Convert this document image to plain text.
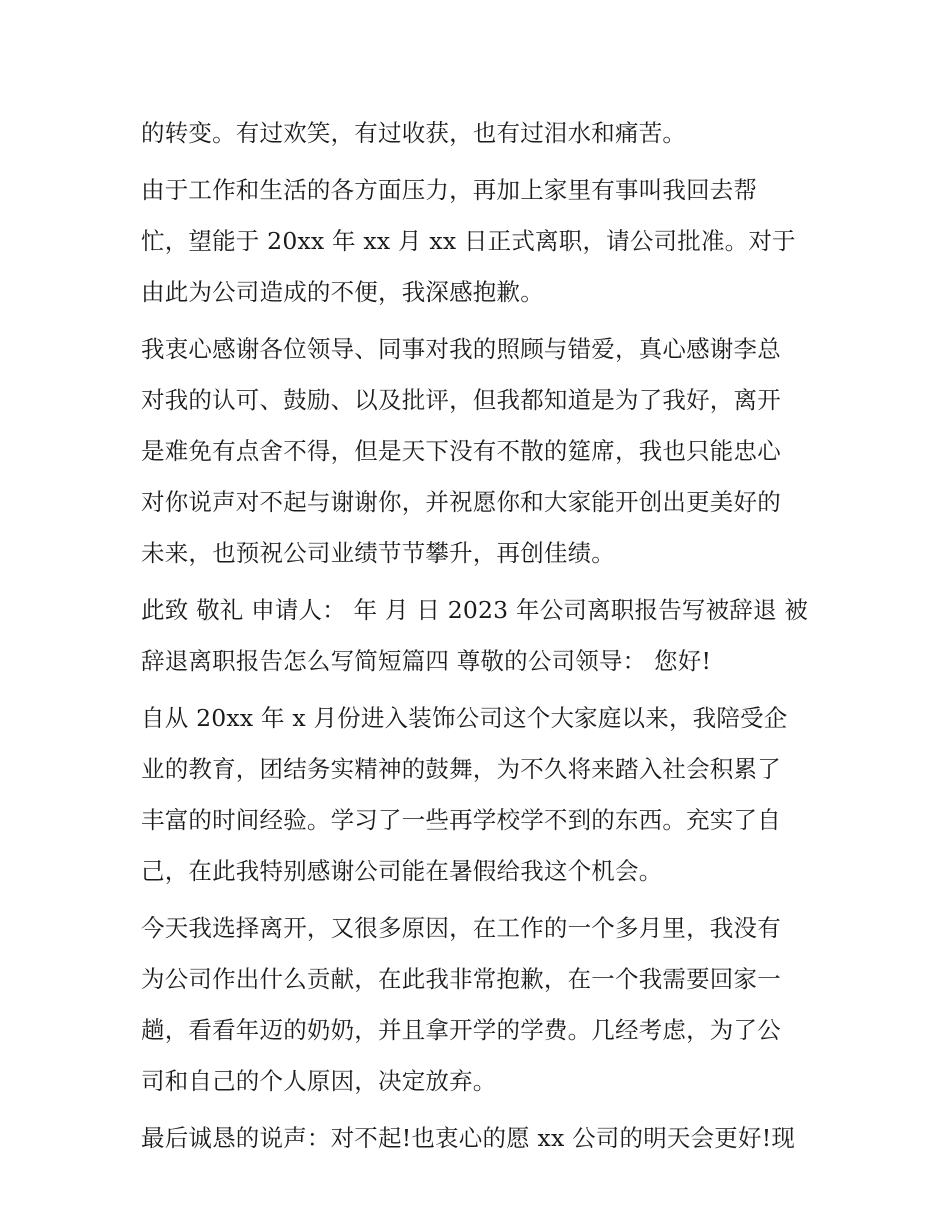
的转变。有过欢笑，有过收获，也有过泪水和痛苦。
由于工作和生活的各方面压力，再加上家里有事叫我回去帮
忙，望能于 20xx 年 xx 月 xx 日正式离职，请公司批准。对于
由此为公司造成的不便，我深感抱歉。
我衷心感谢各位领导、同事对我的照顾与错爱，真心感谢李总
对我的认可、鼓励、以及批评，但我都知道是为了我好，离开
是难免有点舍不得，但是天下没有不散的筵席，我也只能忠心
对你说声对不起与谢谢你，并祝愿你和大家能开创出更美好的
未来，也预祝公司业绩节节攀升，再创佳绩。
此致 敬礼 申请人： 年 月 日 2023 年公司离职报告写被辞退 被
辞退离职报告怎么写简短篇四 尊敬的公司领导： 您好!
自从 20xx 年 x 月份进入装饰公司这个大家庭以来，我陪受企
业的教育，团结务实精神的鼓舞，为不久将来踏入社会积累了
丰富的时间经验。学习了一些再学校学不到的东西。充实了自
己，在此我特别感谢公司能在暑假给我这个机会。
今天我选择离开，又很多原因，在工作的一个多月里，我没有
为公司作出什么贡献，在此我非常抱歉，在一个我需要回家一
趟，看看年迈的奶奶，并且拿开学的学费。几经考虑，为了公
司和自己的个人原因，决定放弃。
最后诚恳的说声：对不起!也衷心的愿 xx 公司的明天会更好!现
